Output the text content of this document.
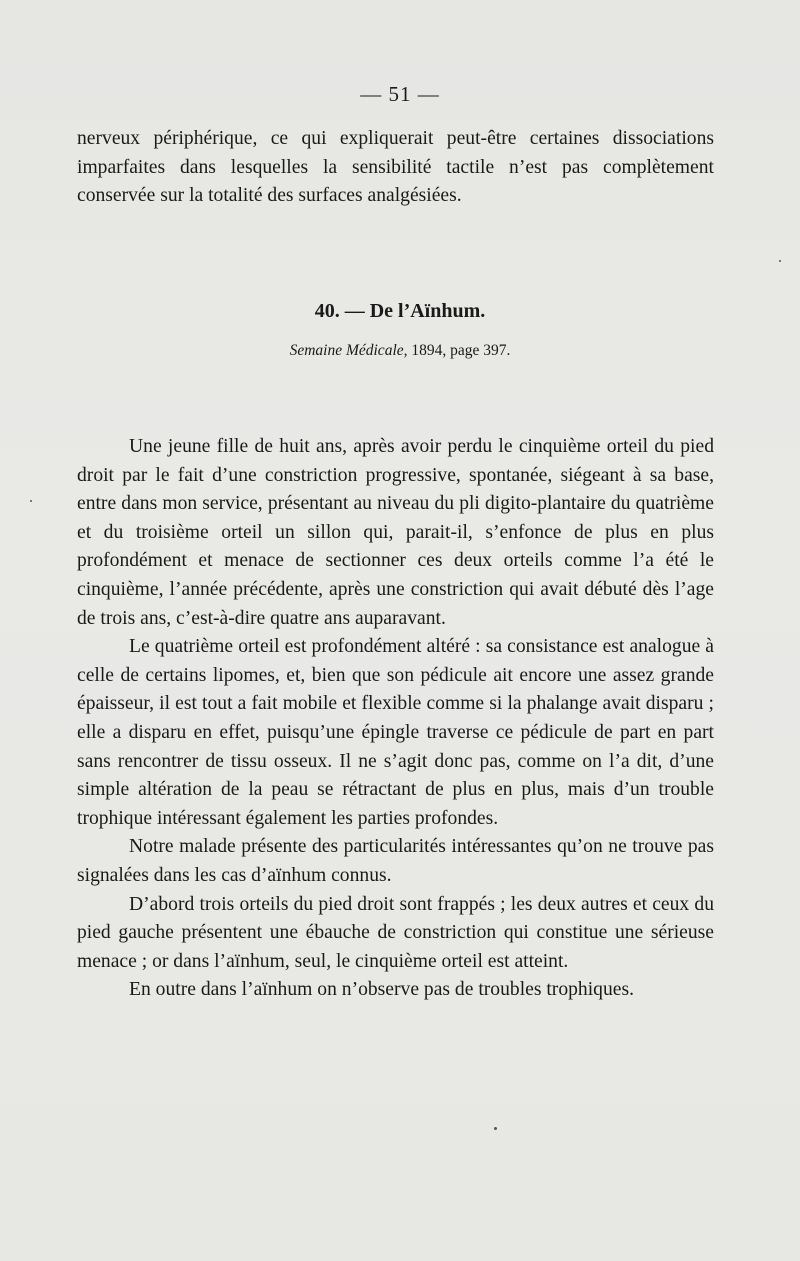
— 51 —

nerveux périphérique, ce qui expliquerait peut-être certaines dissociations imparfaites dans lesquelles la sensibilité tactile n’est pas complètement conservée sur la totalité des surfaces analgésiées.

40. — De l’Aïnhum.
Semaine Médicale, 1894, page 397.

Une jeune fille de huit ans, après avoir perdu le cinquième orteil du pied droit par le fait d’une constriction progressive, spontanée, siégeant à sa base, entre dans mon service, présentant au niveau du pli digito-plantaire du quatrième et du troisième orteil un sillon qui, parait-il, s’enfonce de plus en plus profondément et menace de sectionner ces deux orteils comme l’a été le cinquième, l’année précédente, après une constriction qui avait débuté dès l’age de trois ans, c’est-à-dire quatre ans auparavant.

Le quatrième orteil est profondément altéré : sa consistance est analogue à celle de certains lipomes, et, bien que son pédicule ait encore une assez grande épaisseur, il est tout a fait mobile et flexible comme si la phalange avait disparu ; elle a disparu en effet, puisqu’une épingle traverse ce pédicule de part en part sans rencontrer de tissu osseux. Il ne s’agit donc pas, comme on l’a dit, d’une simple altération de la peau se rétractant de plus en plus, mais d’un trouble trophique intéressant également les parties profondes.

Notre malade présente des particularités intéressantes qu’on ne trouve pas signalées dans les cas d’aïnhum connus.

D’abord trois orteils du pied droit sont frappés ; les deux autres et ceux du pied gauche présentent une ébauche de constriction qui constitue une sérieuse menace ; or dans l’aïnhum, seul, le cinquième orteil est atteint.

En outre dans l’aïnhum on n’observe pas de troubles trophiques.
